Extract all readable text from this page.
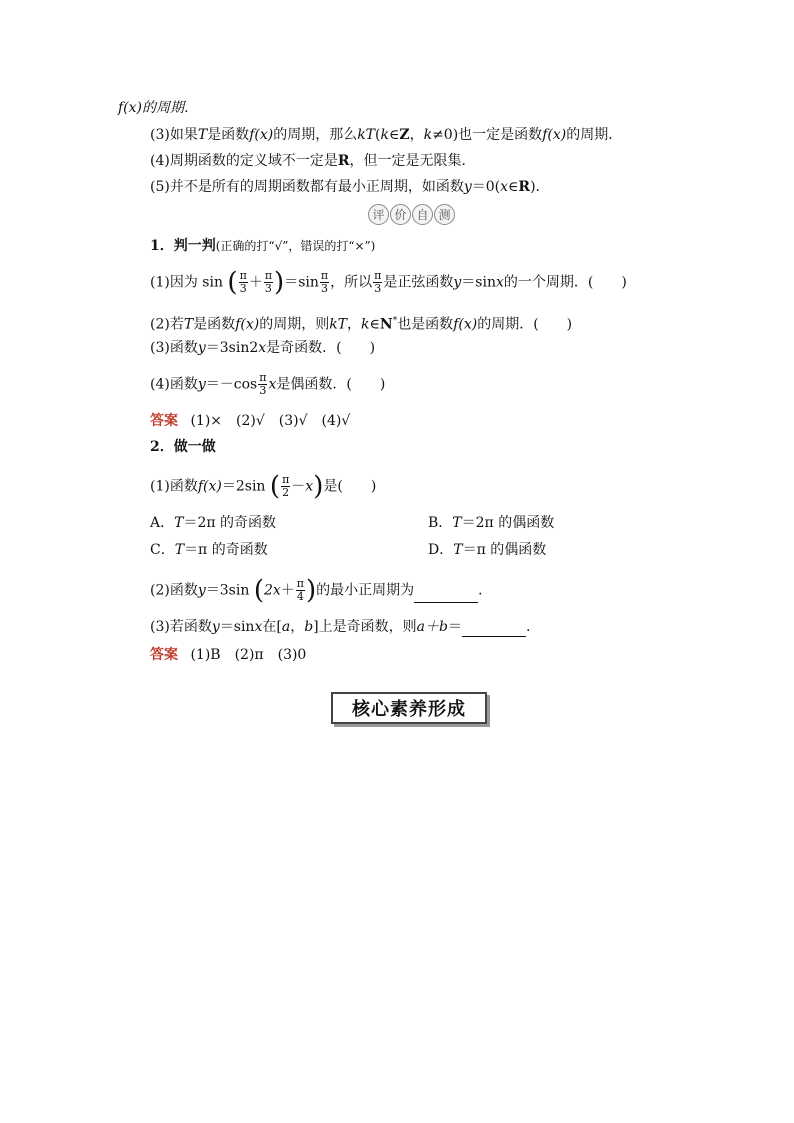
f(x)的周期．
(3)如果T是函数f(x)的周期，那么kT(k∈Z，k≠0)也一定是函数f(x)的周期．
(4)周期函数的定义域不一定是R，但一定是无限集．
(5)并不是所有的周期函数都有最小正周期，如函数y＝0(x∈R)．
评 价 自 测
1．判一判(正确的打“√”，错误的打“×”)
(1)因为 sin ( $\frac{\pi}{3} + \frac{\pi}{3} )=\sin \frac{\pi}{3}$ ，所以 $\frac{\pi}{3}$ 是正弦函数y＝sinx的一个周期．(　　)
(2)若T是函数f(x)的周期，则kT，k∈N*也是函数f(x)的周期．(　　)
(3)函数y＝3sin2x是奇函数．(　　)
(4)函数$y=-\cos \frac{\pi}{3}$ x是偶函数．(　　)
答案 (1)×　(2)√　(3)√　(4)√
2．做一做
(1)函数f(x)＝2sin ( $\frac{\pi}{2} -x$)是(　　)
A．T＝2π 的奇函数	B．T＝2π 的偶函数
C．T＝π 的奇函数	D．T＝π 的偶函数
(2)函数y＝3sin ($2x+ \frac{\pi}{4}$ )的最小正周期为	．
(3)若函数y＝sinx在[a，b]上是奇函数，则a＋b＝	.
答案 (1)B　(2)π　(3)0
核心素养形成
